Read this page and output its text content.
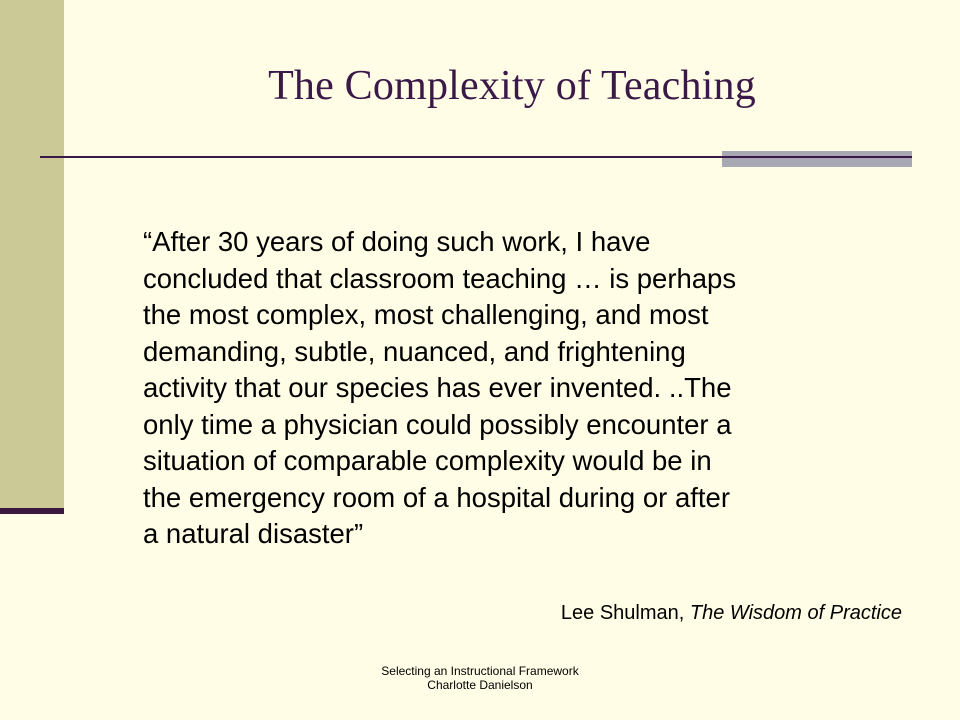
The Complexity of Teaching

“After 30 years of doing such work, I have
concluded that classroom teaching … is perhaps
the most complex, most challenging, and most
demanding, subtle, nuanced, and frightening
activity that our species has ever invented. ..The
only time a physician could possibly encounter a
situation of comparable complexity would be in
the emergency room of a hospital during or after
a natural disaster”

Lee Shulman, The Wisdom of Practice
Selecting an Instructional Framework
Charlotte Danielson
